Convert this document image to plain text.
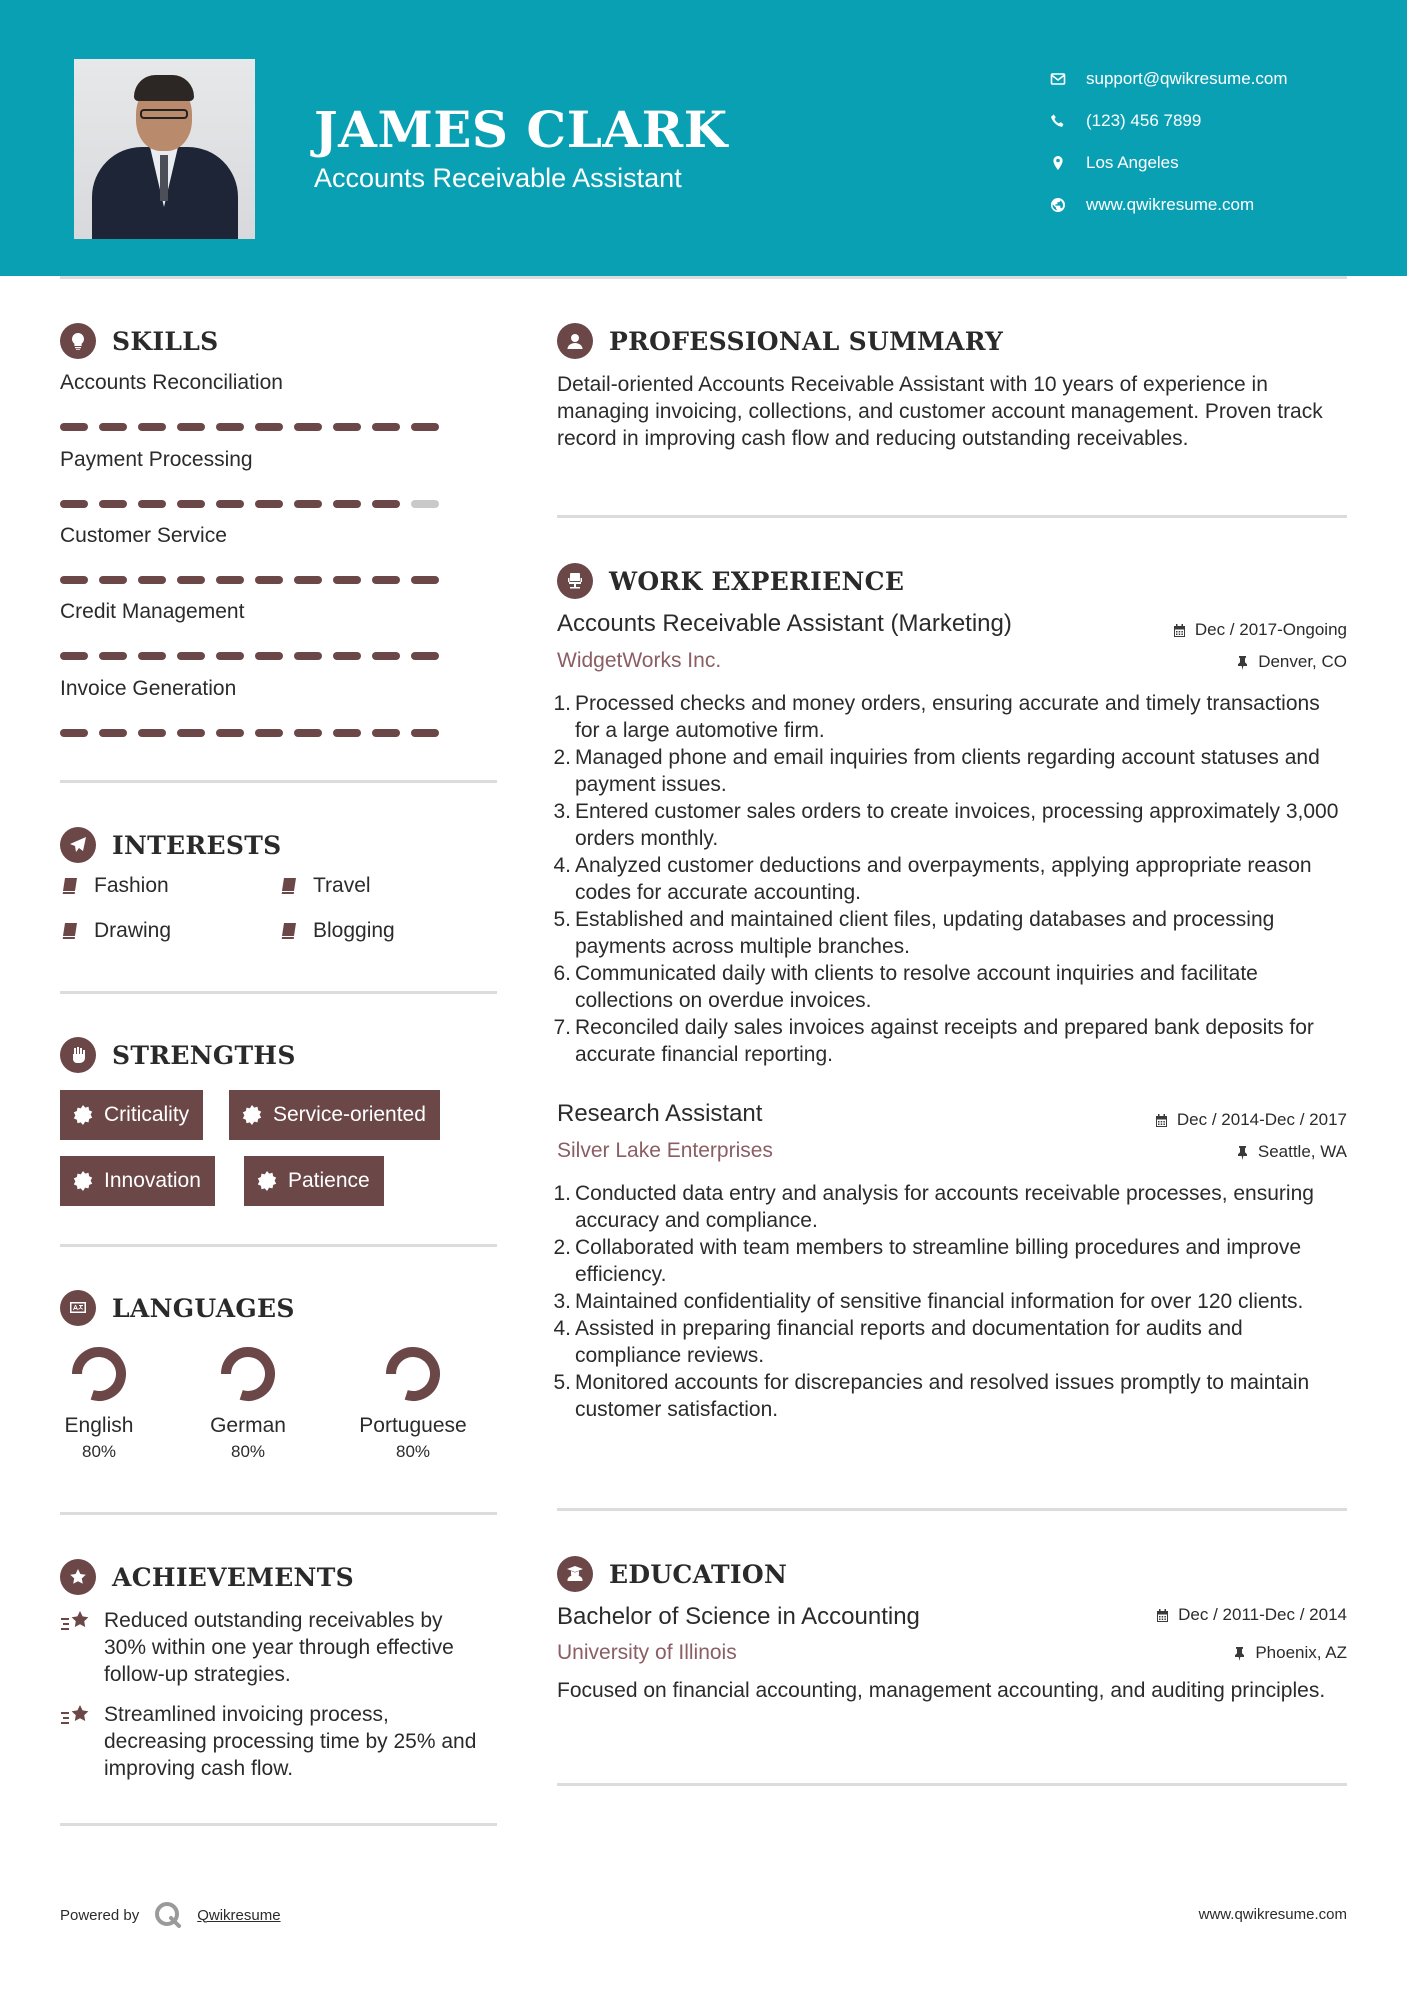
JAMES CLARK
Accounts Receivable Assistant
support@qwikresume.com
(123) 456 7899
Los Angeles
www.qwikresume.com
SKILLS
Accounts Reconciliation
Payment Processing
Customer Service
Credit Management
Invoice Generation
INTERESTS
Fashion	Travel
Drawing	Blogging
STRENGTHS
Criticality	Service-oriented
Innovation	Patience
LANGUAGES
English
80%
German
80%
Portuguese
80%
ACHIEVEMENTS
Reduced outstanding receivables by 30% within one year through effective follow-up strategies.
Streamlined invoicing process, decreasing processing time by 25% and improving cash flow.
PROFESSIONAL SUMMARY
Detail-oriented Accounts Receivable Assistant with 10 years of experience in managing invoicing, collections, and customer account management. Proven track record in improving cash flow and reducing outstanding receivables.
WORK EXPERIENCE
Accounts Receivable Assistant (Marketing)	Dec / 2017-Ongoing
WidgetWorks Inc.	Denver, CO
1. Processed checks and money orders, ensuring accurate and timely transactions for a large automotive firm.
2. Managed phone and email inquiries from clients regarding account statuses and payment issues.
3. Entered customer sales orders to create invoices, processing approximately 3,000 orders monthly.
4. Analyzed customer deductions and overpayments, applying appropriate reason codes for accurate accounting.
5. Established and maintained client files, updating databases and processing payments across multiple branches.
6. Communicated daily with clients to resolve account inquiries and facilitate collections on overdue invoices.
7. Reconciled daily sales invoices against receipts and prepared bank deposits for accurate financial reporting.
Research Assistant	Dec / 2014-Dec / 2017
Silver Lake Enterprises	Seattle, WA
1. Conducted data entry and analysis for accounts receivable processes, ensuring accuracy and compliance.
2. Collaborated with team members to streamline billing procedures and improve efficiency.
3. Maintained confidentiality of sensitive financial information for over 120 clients.
4. Assisted in preparing financial reports and documentation for audits and compliance reviews.
5. Monitored accounts for discrepancies and resolved issues promptly to maintain customer satisfaction.
EDUCATION
Bachelor of Science in Accounting	Dec / 2011-Dec / 2014
University of Illinois	Phoenix, AZ
Focused on financial accounting, management accounting, and auditing principles.
Powered by	Qwikresume	www.qwikresume.com
